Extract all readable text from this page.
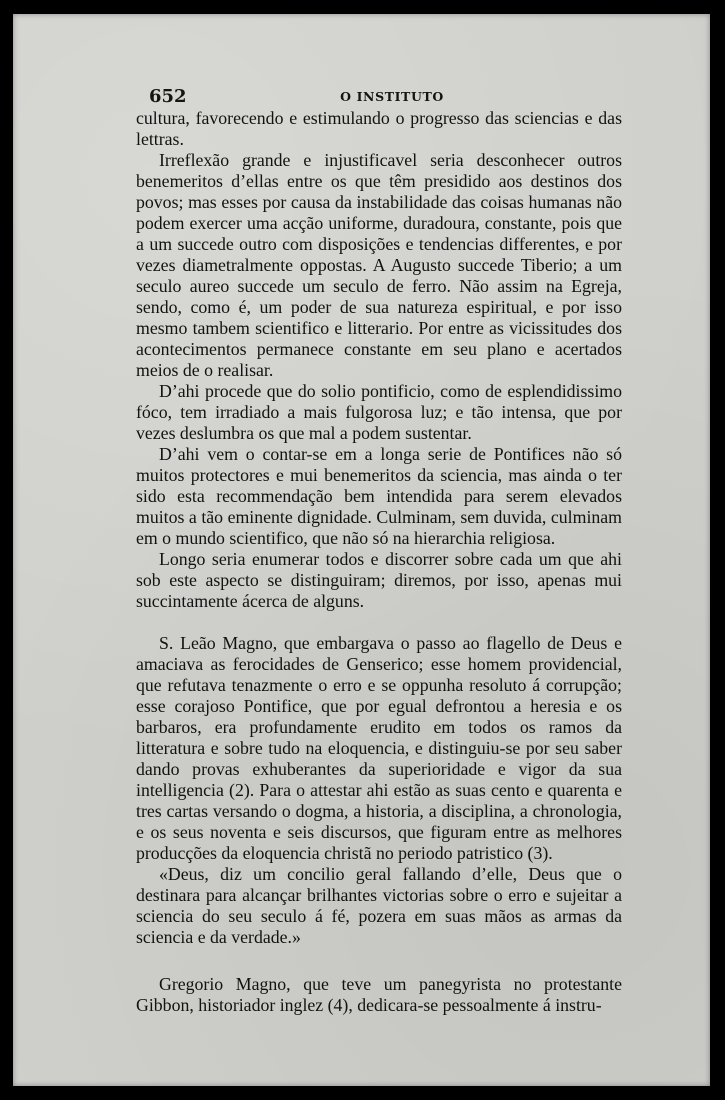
652	O INSTITUTO

cultura, favorecendo e estimulando o progresso das sciencias e das lettras.

Irreflexão grande e injustificavel seria desconhecer outros benemeritos d’ellas entre os que têm presidido aos destinos dos povos; mas esses por causa da instabilidade das coisas humanas não podem exercer uma acção uniforme, duradoura, constante, pois que a um succede outro com disposições e tendencias differentes, e por vezes diametralmente oppostas. A Augusto succede Tiberio; a um seculo aureo succede um seculo de ferro. Não assim na Egreja, sendo, como é, um poder de sua natureza espiritual, e por isso mesmo tambem scientifico e litterario. Por entre as vicissitudes dos acontecimentos permanece constante em seu plano e acertados meios de o realisar.

D’ahi procede que do solio pontificio, como de esplendidissimo fóco, tem irradiado a mais fulgorosa luz; e tão intensa, que por vezes deslumbra os que mal a podem sustentar.

D’ahi vem o contar-se em a longa serie de Pontifices não só muitos protectores e mui benemeritos da sciencia, mas ainda o ter sido esta recommendação bem intendida para serem elevados muitos a tão eminente dignidade. Culminam, sem duvida, culminam em o mundo scientifico, que não só na hierarchia religiosa.

Longo seria enumerar todos e discorrer sobre cada um que ahi sob este aspecto se distinguiram; diremos, por isso, apenas mui succintamente ácerca de alguns.

S. Leão Magno, que embargava o passo ao flagello de Deus e amaciava as ferocidades de Genserico; esse homem providencial, que refutava tenazmente o erro e se oppunha resoluto á corrupção; esse corajoso Pontifice, que por egual defrontou a heresia e os barbaros, era profundamente erudito em todos os ramos da litteratura e sobre tudo na eloquencia, e distinguiu-se por seu saber dando provas exhuberantes da superioridade e vigor da sua intelligencia (2). Para o attestar ahi estão as suas cento e quarenta e tres cartas versando o dogma, a historia, a disciplina, a chronologia, e os seus noventa e seis discursos, que figuram entre as melhores producções da eloquencia christã no periodo patristico (3).

«Deus, diz um concilio geral fallando d’elle, Deus que o destinara para alcançar brilhantes victorias sobre o erro e sujeitar a sciencia do seu seculo á fé, pozera em suas mãos as armas da sciencia e da verdade.»

Gregorio Magno, que teve um panegyrista no protestante Gibbon, historiador inglez (4), dedicara-se pessoalmente á instru-
